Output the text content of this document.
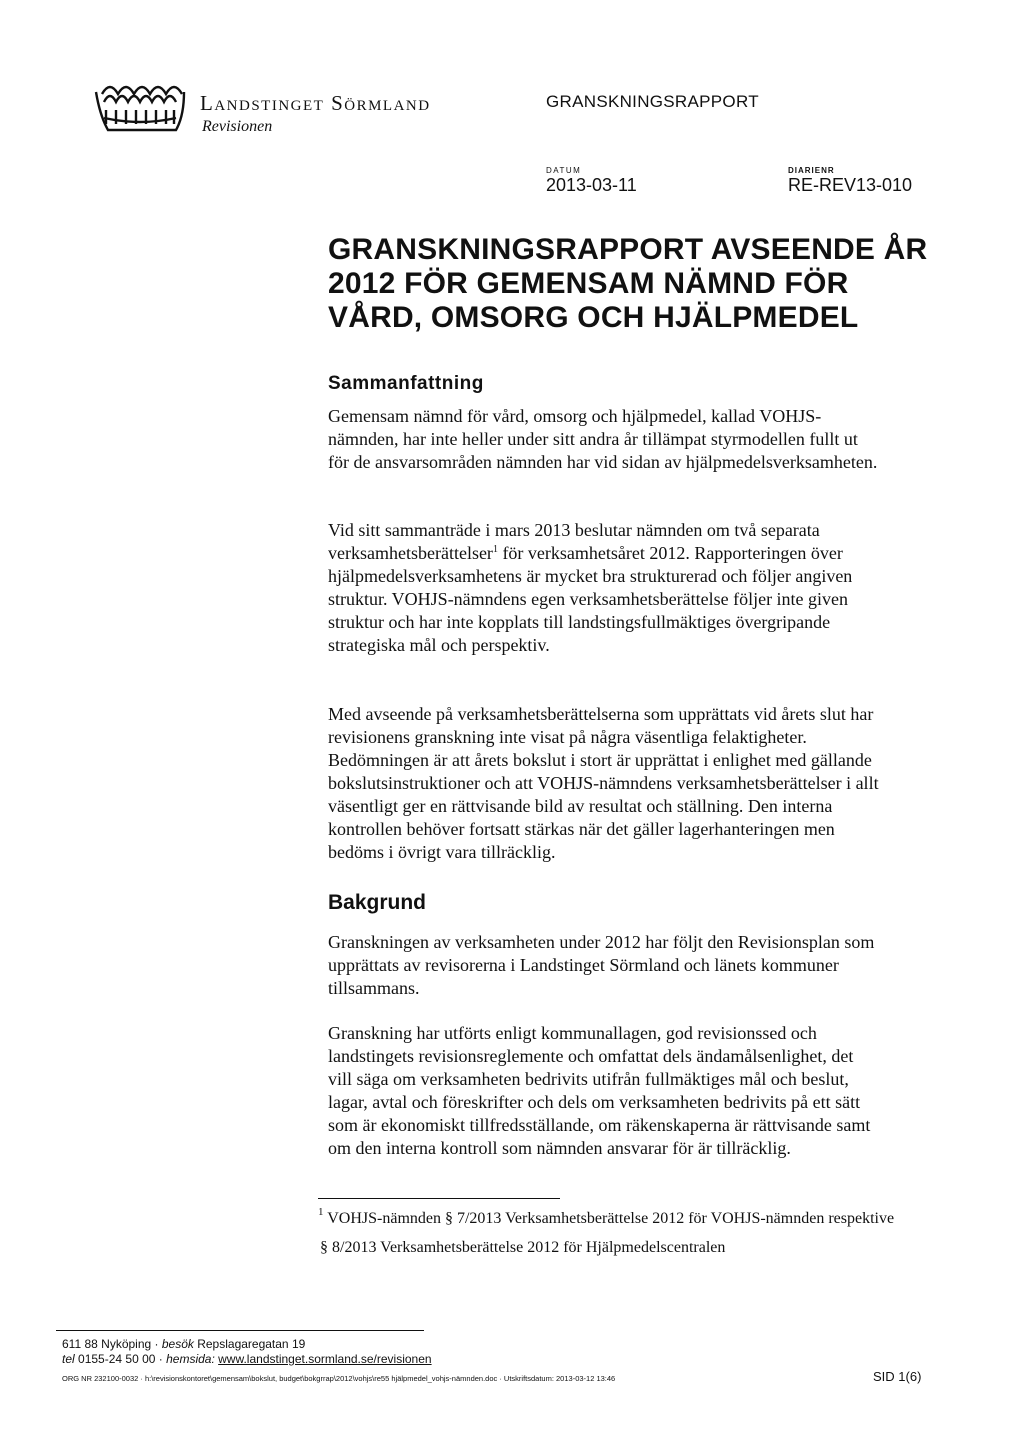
Landstinget Sörmland
Revisionen
GRANSKNINGSRAPPORT
DATUM
2013-03-11
DIARIENR
RE-REV13-010
GRANSKNINGSRAPPORT AVSEENDE ÅR
2012 FÖR GEMENSAM NÄMND FÖR
VÅRD, OMSORG OCH HJÄLPMEDEL
Sammanfattning
Gemensam nämnd för vård, omsorg och hjälpmedel, kallad VOHJS-
nämnden, har inte heller under sitt andra år tillämpat styrmodellen fullt ut
för de ansvarsområden nämnden har vid sidan av hjälpmedelsverksamheten.
Vid sitt sammanträde i mars 2013 beslutar nämnden om två separata
verksamhetsberättelser$^1$ för verksamhetsåret 2012. Rapporteringen över
hjälpmedelsverksamhetens är mycket bra strukturerad och följer angiven
struktur. VOHJS-nämndens egen verksamhetsberättelse följer inte given
struktur och har inte kopplats till landstingsfullmäktiges övergripande
strategiska mål och perspektiv.
Med avseende på verksamhetsberättelserna som upprättats vid årets slut har
revisionens granskning inte visat på några väsentliga felaktigheter.
Bedömningen är att årets bokslut i stort är upprättat i enlighet med gällande
bokslutsinstruktioner och att VOHJS-nämndens verksamhetsberättelser i allt
väsentligt ger en rättvisande bild av resultat och ställning. Den interna
kontrollen behöver fortsatt stärkas när det gäller lagerhanteringen men
bedöms i övrigt vara tillräcklig.
Bakgrund
Granskningen av verksamheten under 2012 har följt den Revisionsplan som
upprättats av revisorerna i Landstinget Sörmland och länets kommuner
tillsammans.
Granskning har utförts enligt kommunallagen, god revisionssed och
landstingets revisionsreglemente och omfattat dels ändamålsenlighet, det
vill säga om verksamheten bedrivits utifrån fullmäktiges mål och beslut,
lagar, avtal och föreskrifter och dels om verksamheten bedrivits på ett sätt
som är ekonomiskt tillfredsställande, om räkenskaperna är rättvisande samt
om den interna kontroll som nämnden ansvarar för är tillräcklig.
$^1$ VOHJS-nämnden § 7/2013 Verksamhetsberättelse 2012 för VOHJS-nämnden respektive
§ 8/2013 Verksamhetsberättelse 2012 för Hjälpmedelscentralen
611 88 Nyköping · besök Repslagaregatan 19
tel 0155-24 50 00 · hemsida: www.landstinget.sormland.se/revisionen
ORG NR 232100-0032 · h:\revisionskontoret\gemensam\bokslut, budget\bokgrrap\2012\vohjs\re55 hjälpmedel_vohjs-nämnden.doc · Utskriftsdatum: 2013-03-12 13:46	SID 1(6)
